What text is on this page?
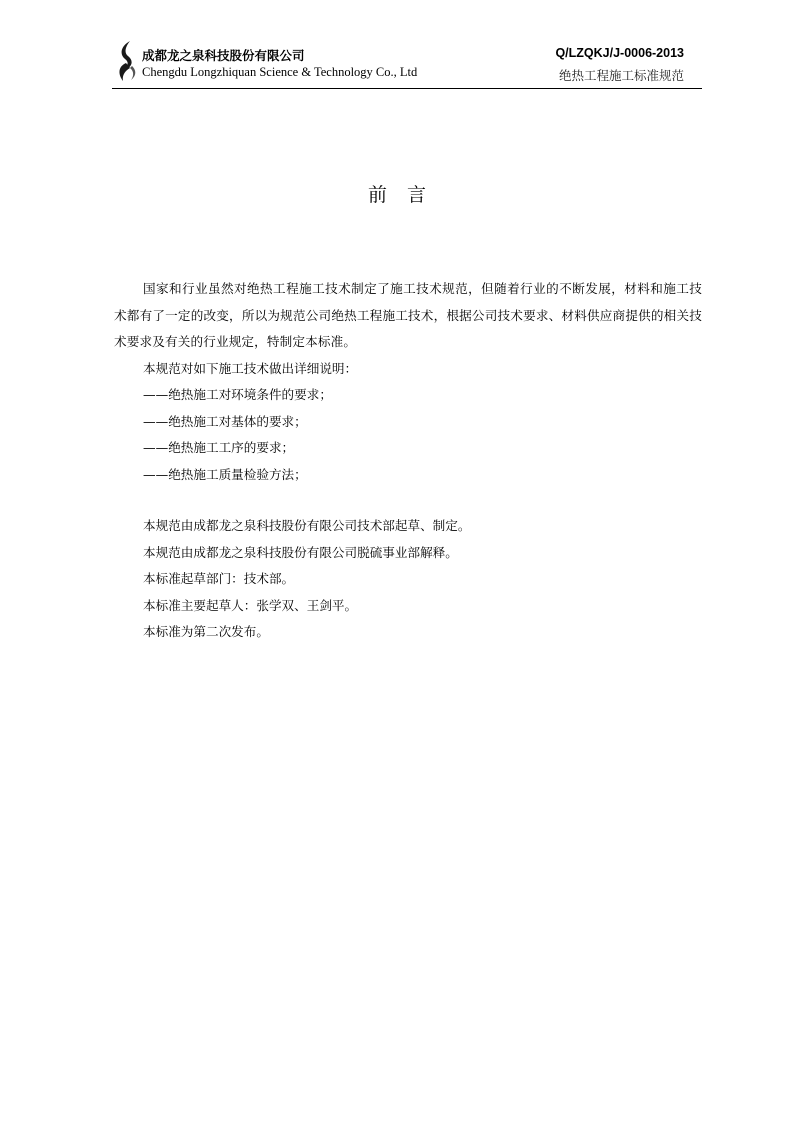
成都龙之泉科技股份有限公司
Chengdu Longzhiquan Science & Technology Co., Ltd
Q/LZQKJ/J-0006-2013
绝热工程施工标准规范
前言

国家和行业虽然对绝热工程施工技术制定了施工技术规范，但随着行业的不断发展，材料和施工技术都有了一定的改变，所以为规范公司绝热工程施工技术，根据公司技术要求、材料供应商提供的相关技术要求及有关的行业规定，特制定本标准。

本规范对如下施工技术做出详细说明：

——绝热施工对环境条件的要求；

——绝热施工对基体的要求；

——绝热施工工序的要求；

——绝热施工质量检验方法；

本规范由成都龙之泉科技股份有限公司技术部起草、制定。

本规范由成都龙之泉科技股份有限公司脱硫事业部解释。

本标准起草部门：技术部。

本标准主要起草人：张学双、王剑平。

本标准为第二次发布。
